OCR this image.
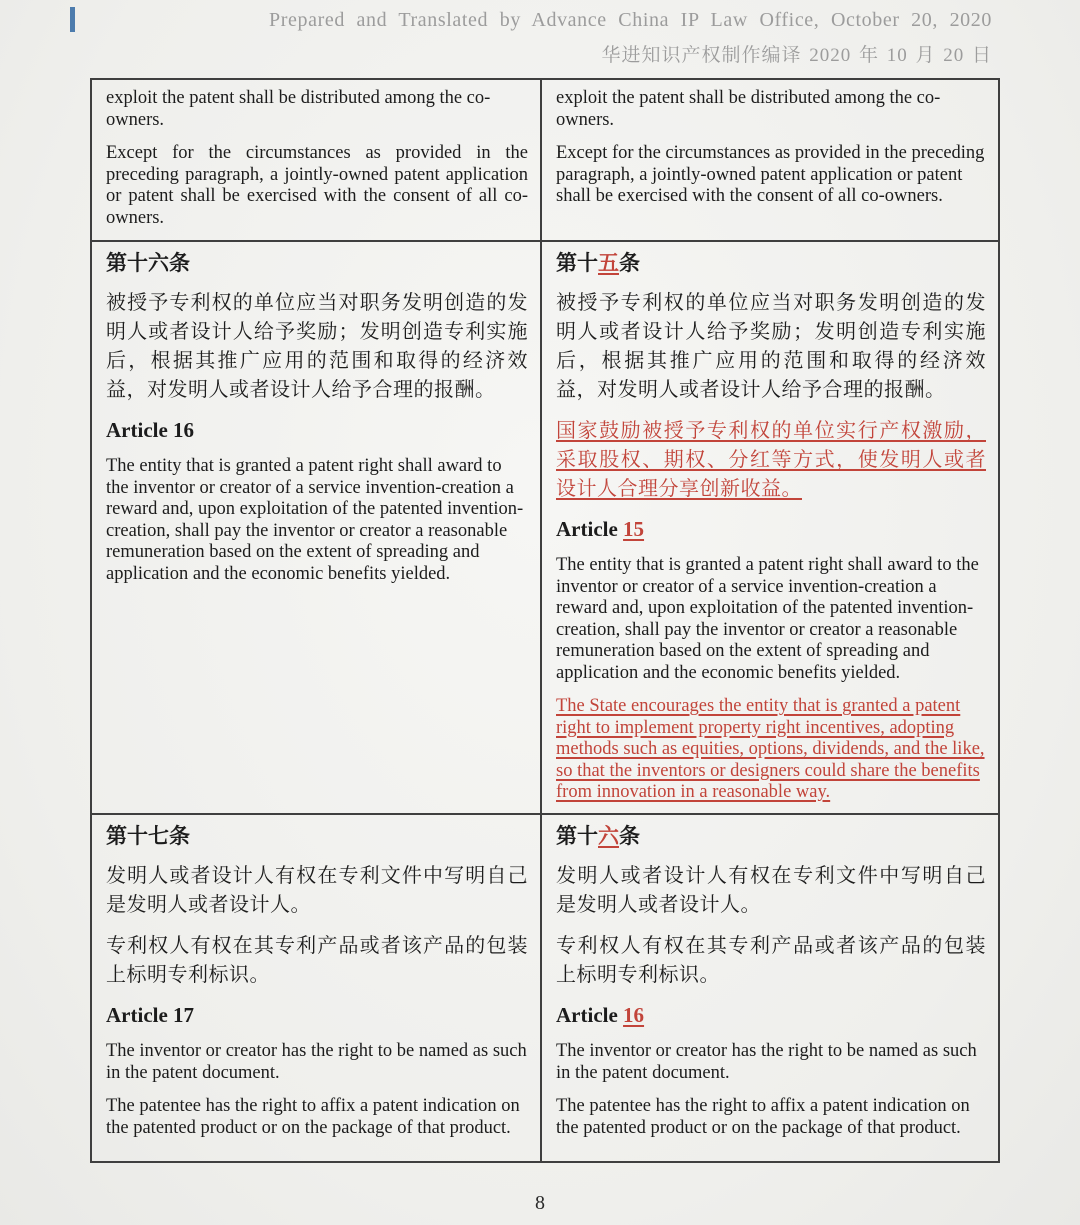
Prepared and Translated by Advance China IP Law Office, October 20, 2020
华进知识产权制作编译 2020 年 10 月 20 日
exploit the patent shall be distributed among the co-owners.
Except for the circumstances as provided in the preceding paragraph, a jointly-owned patent application or patent shall be exercised with the consent of all co-owners.
exploit the patent shall be distributed among the co-owners.
Except for the circumstances as provided in the preceding paragraph, a jointly-owned patent application or patent shall be exercised with the consent of all co-owners.
第十六条
被授予专利权的单位应当对职务发明创造的发明人或者设计人给予奖励；发明创造专利实施后，根据其推广应用的范围和取得的经济效益，对发明人或者设计人给予合理的报酬。
Article 16
The entity that is granted a patent right shall award to the inventor or creator of a service invention-creation a reward and, upon exploitation of the patented invention-creation, shall pay the inventor or creator a reasonable remuneration based on the extent of spreading and application and the economic benefits yielded.
第十五条
被授予专利权的单位应当对职务发明创造的发明人或者设计人给予奖励；发明创造专利实施后，根据其推广应用的范围和取得的经济效益，对发明人或者设计人给予合理的报酬。
国家鼓励被授予专利权的单位实行产权激励，采取股权、期权、分红等方式，使发明人或者设计人合理分享创新收益。
Article 15
The entity that is granted a patent right shall award to the inventor or creator of a service invention-creation a reward and, upon exploitation of the patented invention-creation, shall pay the inventor or creator a reasonable remuneration based on the extent of spreading and application and the economic benefits yielded.
The State encourages the entity that is granted a patent right to implement property right incentives, adopting methods such as equities, options, dividends, and the like, so that the inventors or designers could share the benefits from innovation in a reasonable way.
第十七条
发明人或者设计人有权在专利文件中写明自己是发明人或者设计人。
专利权人有权在其专利产品或者该产品的包装上标明专利标识。
Article 17
The inventor or creator has the right to be named as such in the patent document.
The patentee has the right to affix a patent indication on the patented product or on the package of that product.
第十六条
发明人或者设计人有权在专利文件中写明自己是发明人或者设计人。
专利权人有权在其专利产品或者该产品的包装上标明专利标识。
Article 16
The inventor or creator has the right to be named as such in the patent document.
The patentee has the right to affix a patent indication on the patented product or on the package of that product.
8
